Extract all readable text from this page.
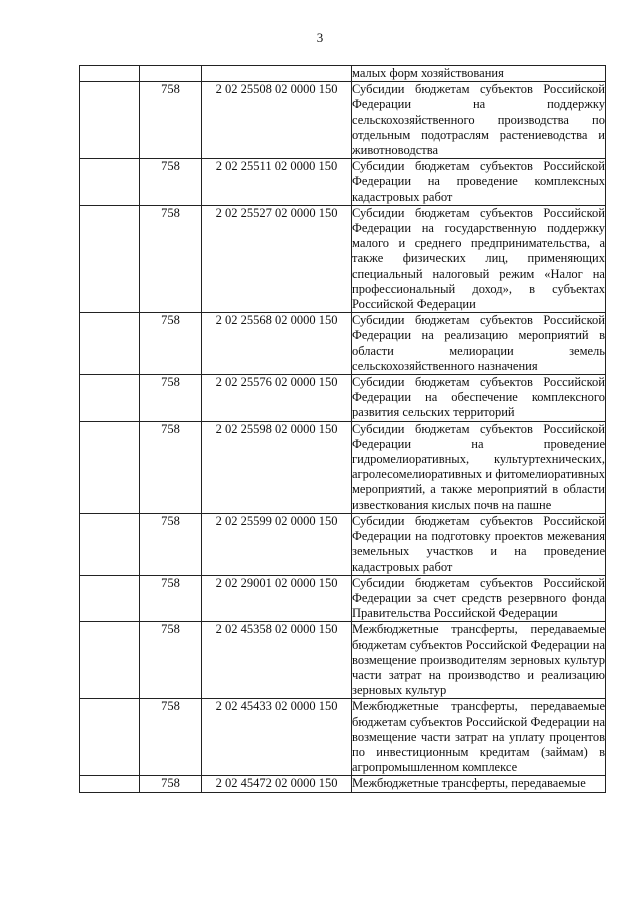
3
			малых форм хозяйствования
	758	2 02 25508 02 0000 150	Субсидии бюджетам субъектов Российской Федерации на поддержку сельскохозяйственного производства по отдельным подотраслям растениеводства и животноводства
	758	2 02 25511 02 0000 150	Субсидии бюджетам субъектов Российской Федерации на проведение комплексных кадастровых работ
	758	2 02 25527 02 0000 150	Субсидии бюджетам субъектов Российской Федерации на государственную поддержку малого и среднего предпринимательства, а также физических лиц, применяющих специальный налоговый режим «Налог на профессиональный доход», в субъектах Российской Федерации
	758	2 02 25568 02 0000 150	Субсидии бюджетам субъектов Российской Федерации на реализацию мероприятий в области мелиорации земель сельскохозяйственного назначения
	758	2 02 25576 02 0000 150	Субсидии бюджетам субъектов Российской Федерации на обеспечение комплексного развития сельских территорий
	758	2 02 25598 02 0000 150	Субсидии бюджетам субъектов Российской Федерации на проведение гидромелиоративных, культуртехнических, агролесомелиоративных и фитомелиоративных мероприятий, а также мероприятий в области известкования кислых почв на пашне
	758	2 02 25599 02 0000 150	Субсидии бюджетам субъектов Российской Федерации на подготовку проектов межевания земельных участков и на проведение кадастровых работ
	758	2 02 29001 02 0000 150	Субсидии бюджетам субъектов Российской Федерации за счет средств резервного фонда Правительства Российской Федерации
	758	2 02 45358 02 0000 150	Межбюджетные трансферты, передаваемые бюджетам субъектов Российской Федерации на возмещение производителям зерновых культур части затрат на производство и реализацию зерновых культур
	758	2 02 45433 02 0000 150	Межбюджетные трансферты, передаваемые бюджетам субъектов Российской Федерации на возмещение части затрат на уплату процентов по инвестиционным кредитам (займам) в агропромышленном комплексе
	758	2 02 45472 02 0000 150	Межбюджетные трансферты, передаваемые
